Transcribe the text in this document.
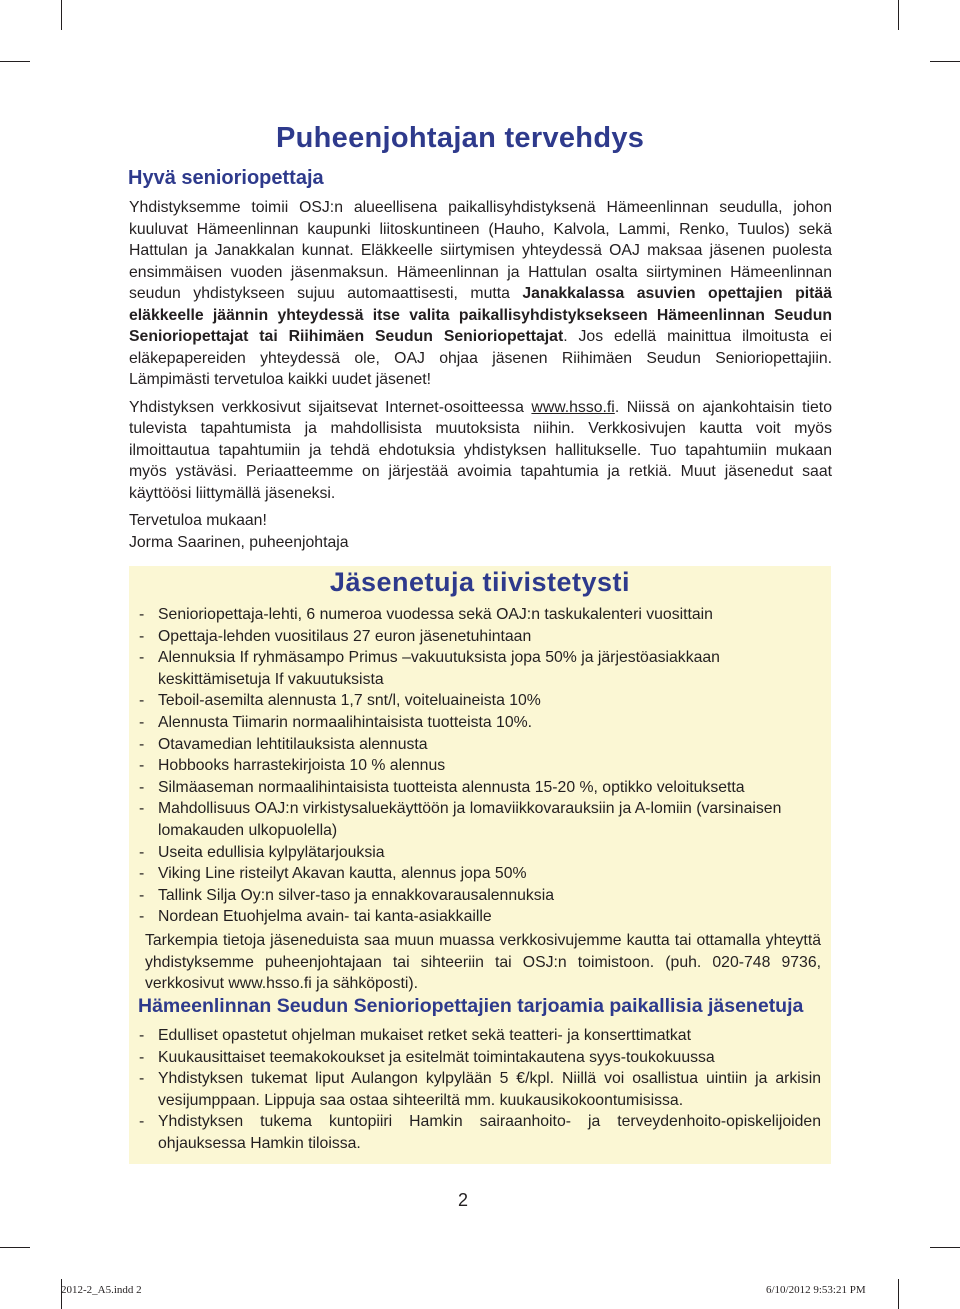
Puheenjohtajan tervehdys
Hyvä senioriopettaja

Yhdistyksemme toimii OSJ:n alueellisena paikallisyhdistyksenä Hämeenlinnan seudulla, johon kuuluvat Hämeenlinnan kaupunki liitoskuntineen (Hauho, Kalvola, Lammi, Renko, Tuulos) sekä Hattulan ja Janakkalan kunnat. Eläkkeelle siirtymisen yhteydessä OAJ maksaa jäsenen puolesta ensimmäisen vuoden jäsenmaksun. Hämeenlinnan ja Hattulan osalta siirtyminen Hämeenlinnan seudun yhdistykseen sujuu automaattisesti, mutta Janakkalassa asuvien opettajien pitää eläkkeelle jäännin yhteydessä itse valita paikallisyhdistyksekseen Hämeenlinnan Seudun Senioriopettajat tai Riihimäen Seudun Senioriopettajat. Jos edellä mainittua ilmoitusta ei eläkepapereiden yhteydessä ole, OAJ ohjaa jäsenen Riihimäen Seudun Senioriopettajiin. Lämpimästi tervetuloa kaikki uudet jäsenet!

Yhdistyksen verkkosivut sijaitsevat Internet-osoitteessa www.hsso.fi. Niissä on ajankohtaisin tieto tulevista tapahtumista ja mahdollisista muutoksista niihin. Verkkosivujen kautta voit myös ilmoittautua tapahtumiin ja tehdä ehdotuksia yhdistyksen hallitukselle. Tuo tapahtumiin mukaan myös ystäväsi. Periaatteemme on järjestää avoimia tapahtumia ja retkiä. Muut jäsenedut saat käyttöösi liittymällä jäseneksi.

Tervetuloa mukaan!

Jorma Saarinen, puheenjohtaja

Jäsenetuja tiivistetysti
- Senioriopettaja-lehti, 6 numeroa vuodessa sekä OAJ:n taskukalenteri vuosittain
- Opettaja-lehden vuositilaus 27 euron jäsenetuhintaan
- Alennuksia If ryhmäsampo Primus –vakuutuksista jopa 50% ja järjestöasiakkaan keskittämisetuja If vakuutuksista
- Teboil-asemilta alennusta 1,7 snt/l, voiteluaineista 10%
- Alennusta Tiimarin normaalihintaisista tuotteista 10%.
- Otavamedian lehtitilauksista alennusta
- Hobbooks harrastekirjoista 10 % alennus
- Silmäaseman normaalihintaisista tuotteista alennusta 15-20 %, optikko veloituksetta
- Mahdollisuus OAJ:n virkistysaluekäyttöön ja lomaviikkovarauksiin ja A-lomiin (varsinaisen lomakauden ulkopuolella)
- Useita edullisia kylpylätarjouksia
- Viking Line risteilyt Akavan kautta, alennus jopa 50%
- Tallink Silja Oy:n silver-taso ja ennakkovarausalennuksia
- Nordean Etuohjelma avain- tai kanta-asiakkaille
Tarkempia tietoja jäseneduista saa muun muassa verkkosivujemme kautta tai ottamalla yhteyttä yhdistyksemme puheenjohtajaan tai sihteeriin tai OSJ:n toimistoon. (puh. 020-748 9736, verkkosivut www.hsso.fi ja sähköposti).
Hämeenlinnan Seudun Senioriopettajien tarjoamia paikallisia jäsenetuja
- Edulliset opastetut ohjelman mukaiset retket sekä teatteri- ja konserttimatkat
- Kuukausittaiset teemakokoukset ja esitelmät toimintakautena syys-toukokuussa
- Yhdistyksen tukemat liput Aulangon kylpylään 5 €/kpl. Niillä voi osallistua uintiin ja arkisin vesijumppaan. Lippuja saa ostaa sihteeriltä mm. kuukausikokoontumisissa.
- Yhdistyksen tukema kuntopiiri Hamkin sairaanhoito- ja terveydenhoito-opiskelijoiden ohjauksessa Hamkin tiloissa.
2
2012-2_A5.indd 2	6/10/2012 9:53:21 PM
